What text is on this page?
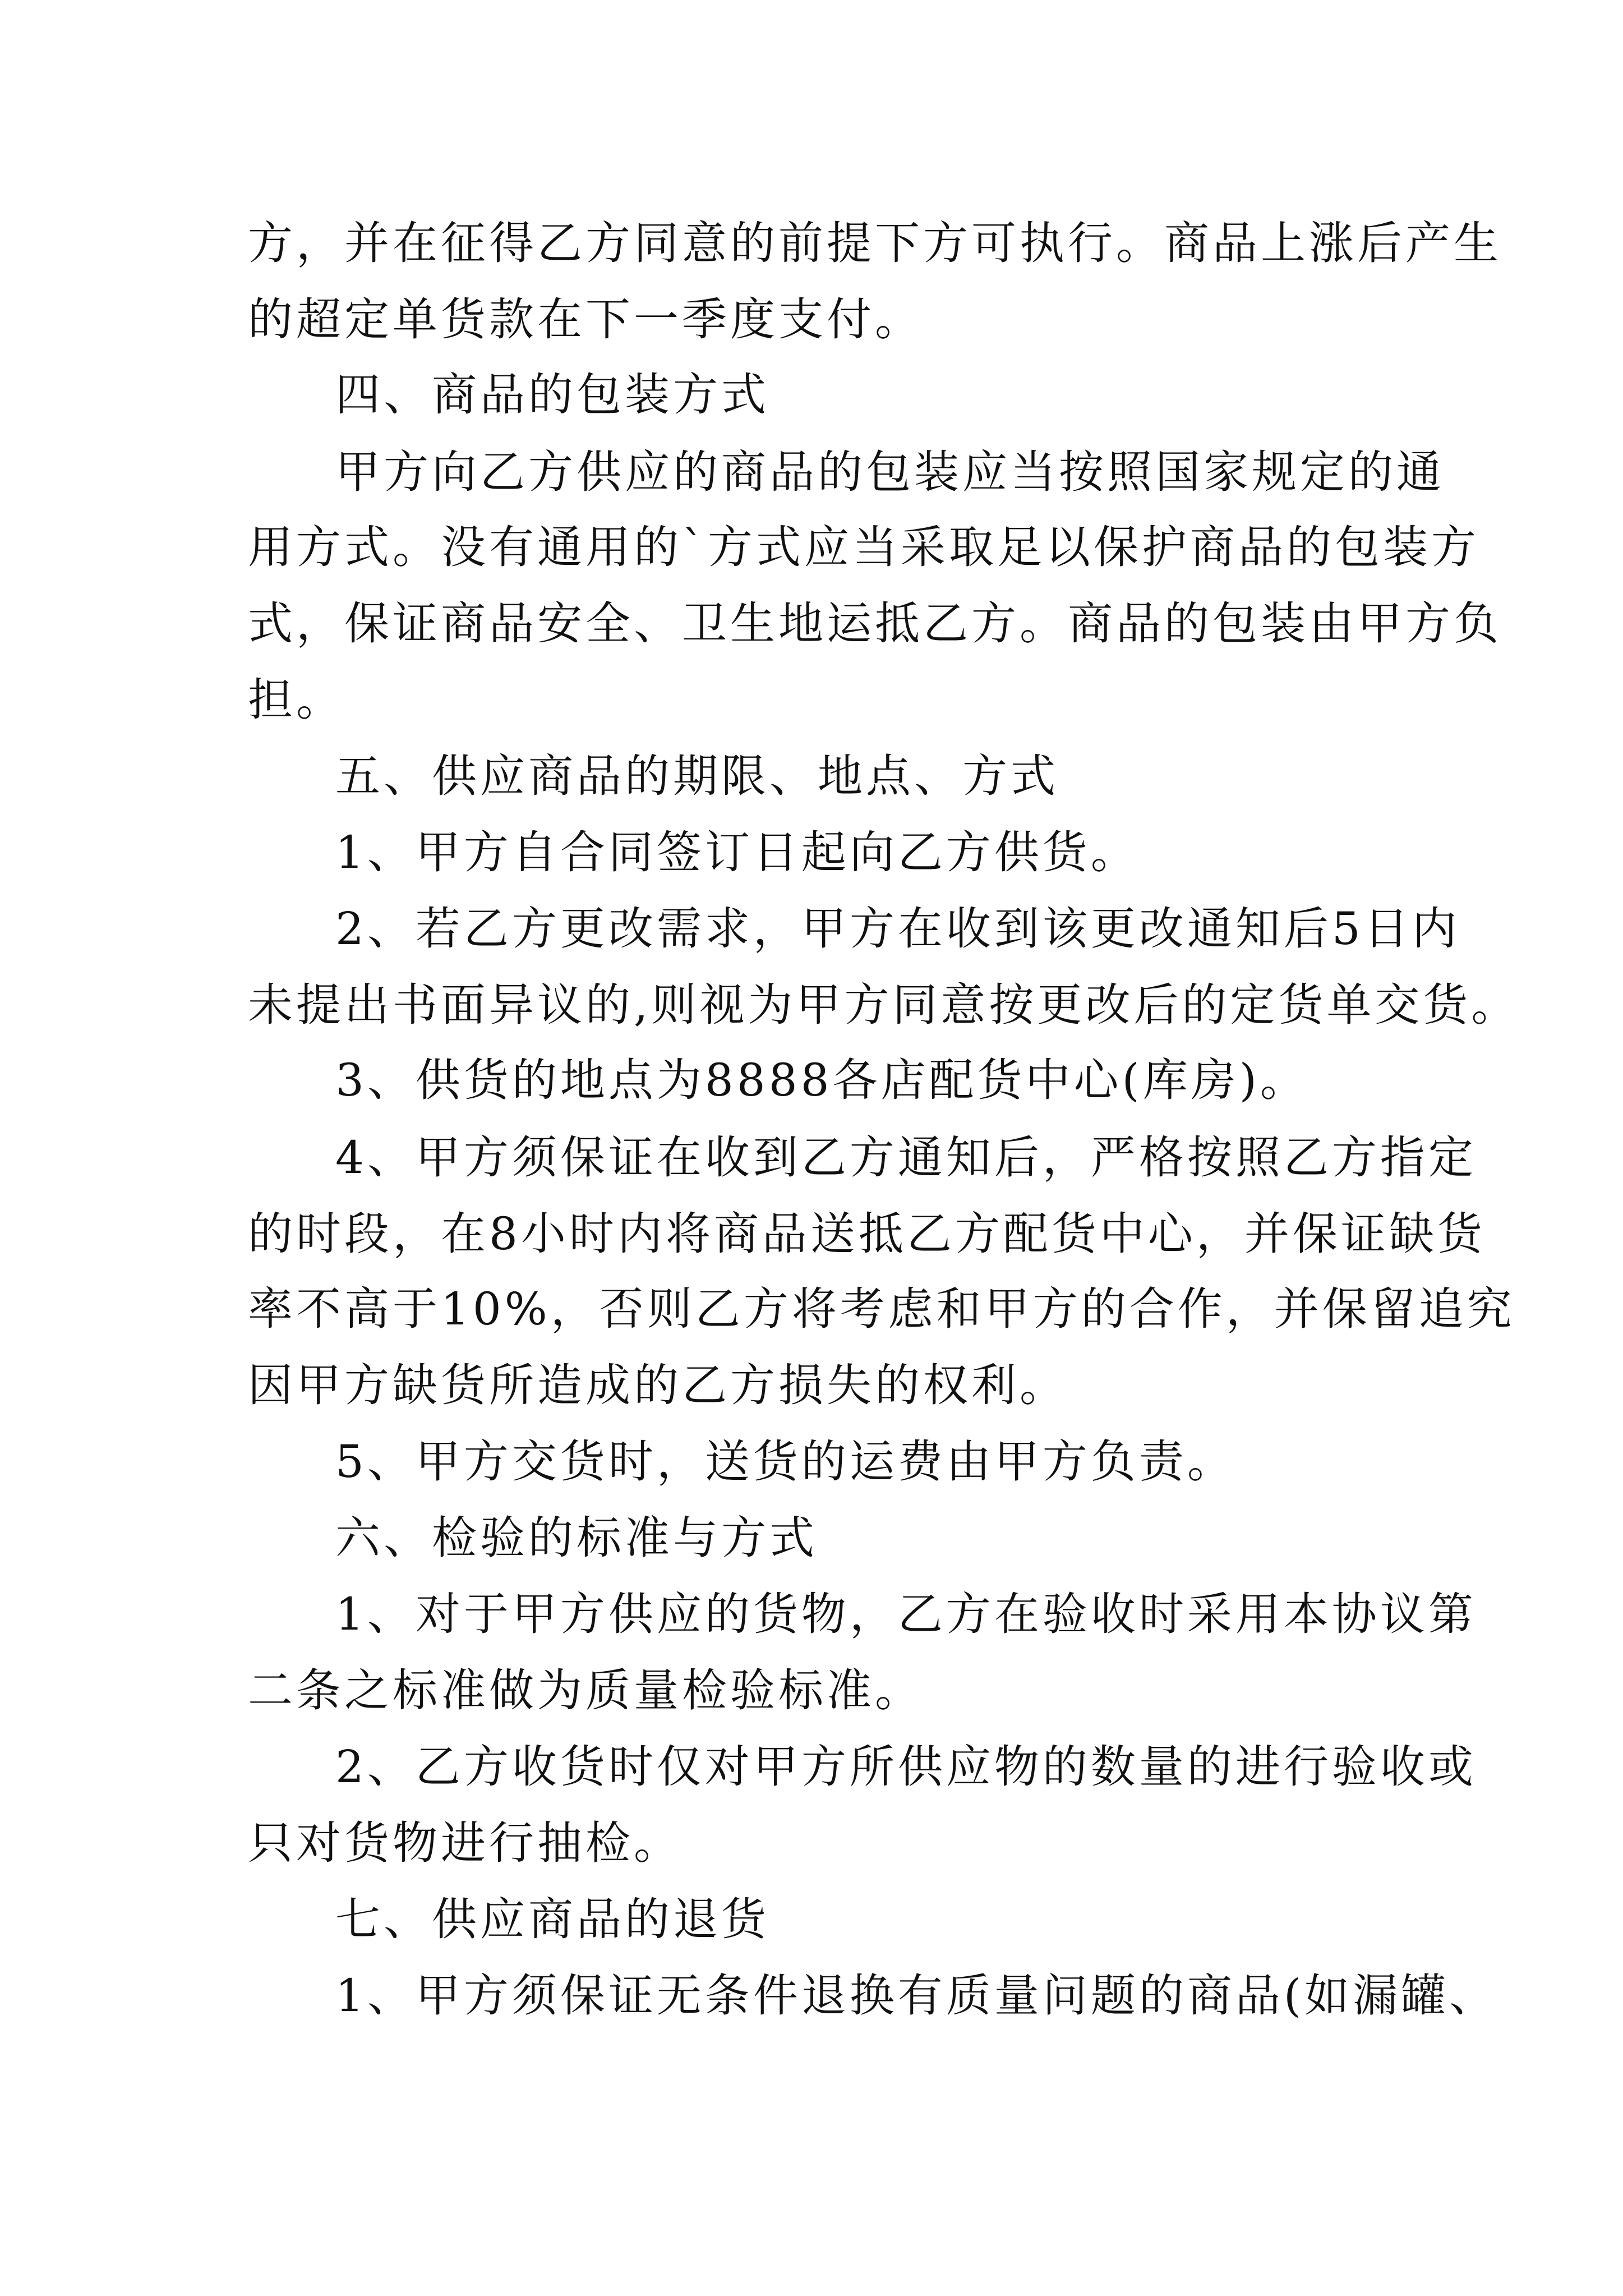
方，并在征得乙方同意的前提下方可执行。商品上涨后产生
的超定单货款在下一季度支付。
四、商品的包装方式
甲方向乙方供应的商品的包装应当按照国家规定的通
用方式。没有通用的`方式应当采取足以保护商品的包装方
式，保证商品安全、卫生地运抵乙方。商品的包装由甲方负
担。
五、供应商品的期限、地点、方式
1、甲方自合同签订日起向乙方供货。
2、若乙方更改需求，甲方在收到该更改通知后5日内
未提出书面异议的,则视为甲方同意按更改后的定货单交货。
3、供货的地点为8888各店配货中心(库房)。
4、甲方须保证在收到乙方通知后，严格按照乙方指定
的时段，在8小时内将商品送抵乙方配货中心，并保证缺货
率不高于10%，否则乙方将考虑和甲方的合作，并保留追究
因甲方缺货所造成的乙方损失的权利。
5、甲方交货时，送货的运费由甲方负责。
六、检验的标准与方式
1、对于甲方供应的货物，乙方在验收时采用本协议第
二条之标准做为质量检验标准。
2、乙方收货时仅对甲方所供应物的数量的进行验收或
只对货物进行抽检。
七、供应商品的退货
1、甲方须保证无条件退换有质量问题的商品(如漏罐、
